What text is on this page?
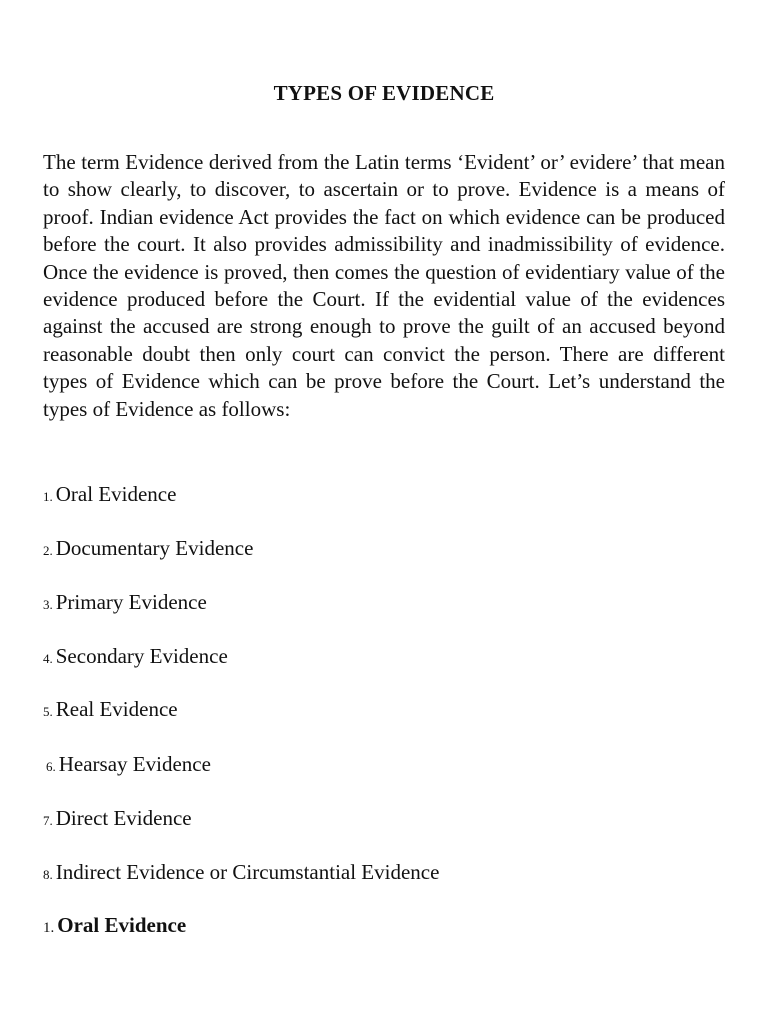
TYPES OF EVIDENCE

The term Evidence derived from the Latin terms ‘Evident’ or’ evidere’ that mean to show clearly, to discover, to ascertain or to prove. Evidence is a means of proof. Indian evidence Act provides the fact on which evidence can be produced before the court. It also provides admissibility and inadmissibility of evidence. Once the evidence is proved, then comes the question of evidentiary value of the evidence produced before the Court. If the evidential value of the evidences against the accused are strong enough to prove the guilt of an accused beyond reasonable doubt then only court can convict the person. There are different types of Evidence which can be prove before the Court. Let’s understand the types of Evidence as follows:

1. Oral Evidence
2. Documentary Evidence
3. Primary Evidence
4. Secondary Evidence
5. Real Evidence
6. Hearsay Evidence
7. Direct Evidence
8. Indirect Evidence or Circumstantial Evidence
1. Oral Evidence
